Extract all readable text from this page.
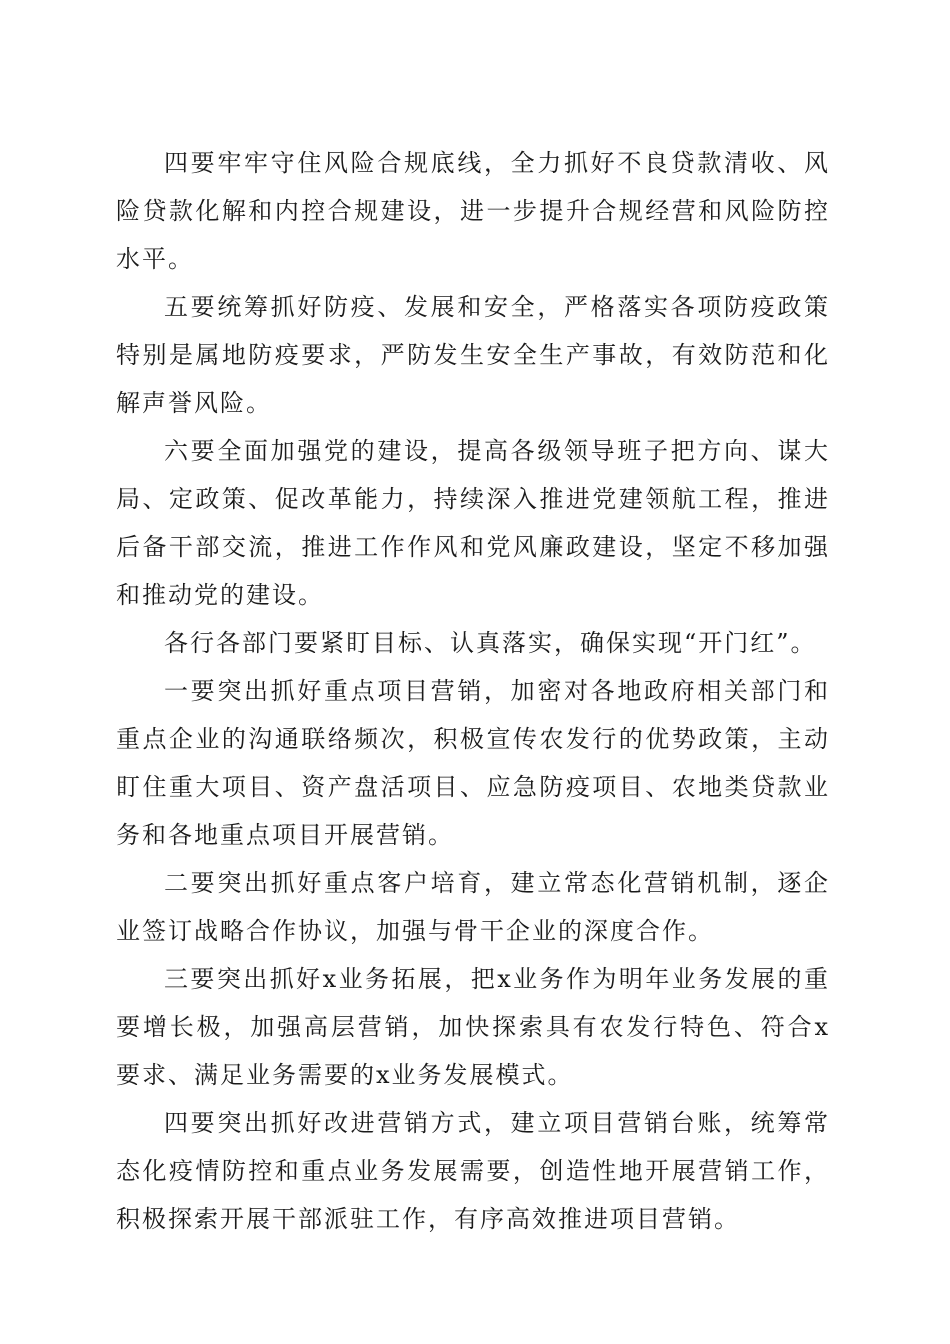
四要牢牢守住风险合规底线，全力抓好不良贷款清收、风险贷款化解和内控合规建设，进一步提升合规经营和风险防控水平。

五要统筹抓好防疫、发展和安全，严格落实各项防疫政策特别是属地防疫要求，严防发生安全生产事故，有效防范和化解声誉风险。

六要全面加强党的建设，提高各级领导班子把方向、谋大局、定政策、促改革能力，持续深入推进党建领航工程，推进后备干部交流，推进工作作风和党风廉政建设，坚定不移加强和推动党的建设。

各行各部门要紧盯目标、认真落实，确保实现“开门红”。

一要突出抓好重点项目营销，加密对各地政府相关部门和重点企业的沟通联络频次，积极宣传农发行的优势政策，主动盯住重大项目、资产盘活项目、应急防疫项目、农地类贷款业务和各地重点项目开展营销。

二要突出抓好重点客户培育，建立常态化营销机制，逐企业签订战略合作协议，加强与骨干企业的深度合作。

三要突出抓好x业务拓展，把x业务作为明年业务发展的重要增长极，加强高层营销，加快探索具有农发行特色、符合x要求、满足业务需要的x业务发展模式。

四要突出抓好改进营销方式，建立项目营销台账，统筹常态化疫情防控和重点业务发展需要，创造性地开展营销工作，积极探索开展干部派驻工作，有序高效推进项目营销。
